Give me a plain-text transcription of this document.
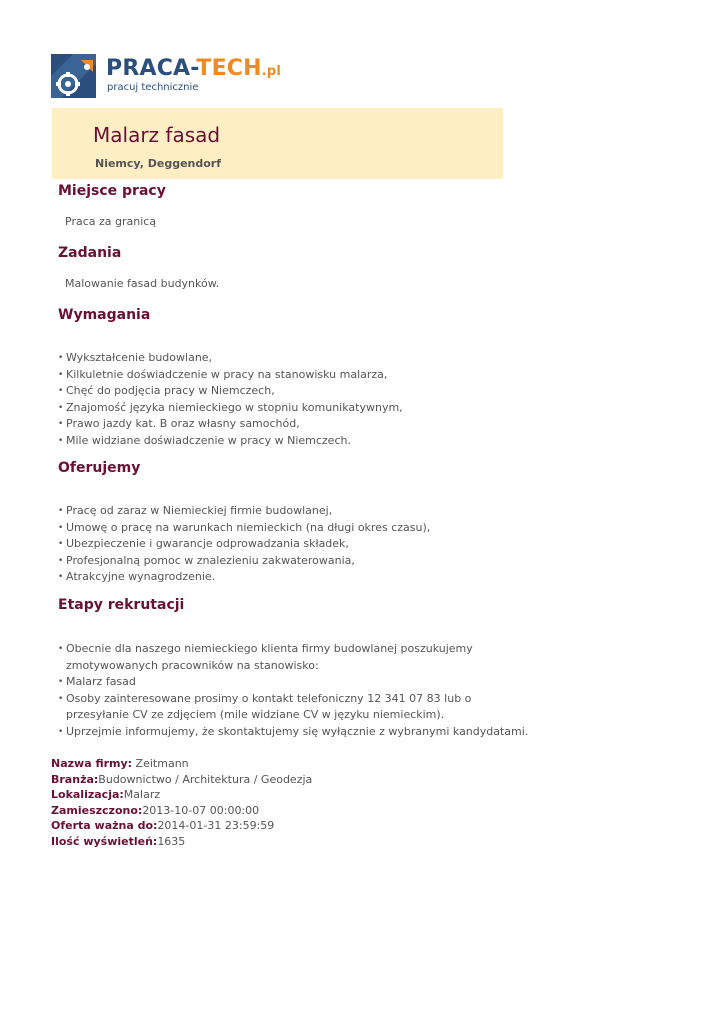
PRACA-TECH.pl
pracuj technicznie
Malarz fasad
Niemcy, Deggendorf
Miejsce pracy

Praca za granicą

Zadania

Malowanie fasad budynków.

Wymagania
• Wykształcenie budowlane,
• Kilkuletnie doświadczenie w pracy na stanowisku malarza,
• Chęć do podjęcia pracy w Niemczech,
• Znajomość języka niemieckiego w stopniu komunikatywnym,
• Prawo jazdy kat. B oraz własny samochód,
• Mile widziane doświadczenie w pracy w Niemczech.
Oferujemy
• Pracę od zaraz w Niemieckiej firmie budowlanej,
• Umowę o pracę na warunkach niemieckich (na długi okres czasu),
• Ubezpieczenie i gwarancje odprowadzania składek,
• Profesjonalną pomoc w znalezieniu zakwaterowania,
• Atrakcyjne wynagrodzenie.
Etapy rekrutacji
• Obecnie dla naszego niemieckiego klienta firmy budowlanej poszukujemy zmotywowanych pracowników na stanowisko:
• Malarz fasad
• Osoby zainteresowane prosimy o kontakt telefoniczny 12 341 07 83 lub o przesyłanie CV ze zdjęciem (mile widziane CV w języku niemieckim).
• Uprzejmie informujemy, że skontaktujemy się wyłącznie z wybranymi kandydatami.
Nazwa firmy: Zeitmann
Branża:Budownictwo / Architektura / Geodezja
Lokalizacja:Malarz
Zamieszczono:2013-10-07 00:00:00
Oferta ważna do:2014-01-31 23:59:59
Ilość wyświetleń:1635
